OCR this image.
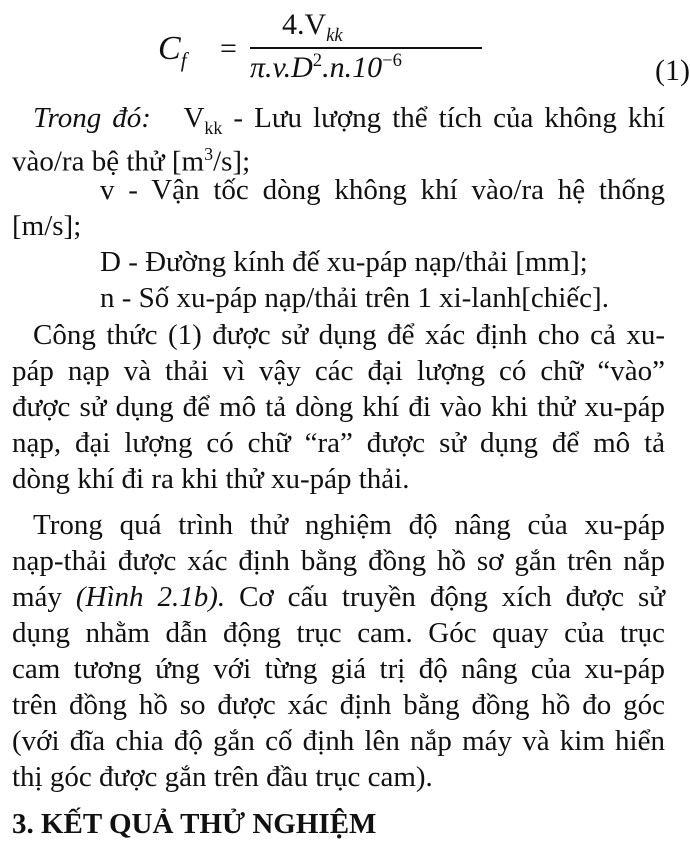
$C_f$ =
$4.V_{kk}$
$\pi.v.D^2.n.10^{-6}$	(1)
Trong đó: $V_{kk}$ - Lưu lượng thể tích của không khí
vào/ra bệ thử $[m^3/s]$;
v - Vận tốc dòng không khí vào/ra hệ thống
[m/s];
D - Đường kính đế xu-páp nạp/thải [mm];
n - Số xu-páp nạp/thải trên 1 xi-lanh[chiếc].
Công thức (1) được sử dụng để xác định cho cả xu-
páp nạp và thải vì vậy các đại lượng có chữ “vào”
được sử dụng để mô tả dòng khí đi vào khi thử xu-páp
nạp, đại lượng có chữ “ra” được sử dụng để mô tả
dòng khí đi ra khi thử xu-páp thải.
Trong quá trình thử nghiệm độ nâng của xu-páp
nạp-thải được xác định bằng đồng hồ sơ gắn trên nắp
máy (Hình 2.1b). Cơ cấu truyền động xích được sử
dụng nhằm dẫn động trục cam. Góc quay của trục
cam tương ứng với từng giá trị độ nâng của xu-páp
trên đồng hồ so được xác định bằng đồng hồ đo góc
(với đĩa chia độ gắn cố định lên nắp máy và kim hiển
thị góc được gắn trên đầu trục cam).
3. KẾT QUẢ THỬ NGHIỆM
